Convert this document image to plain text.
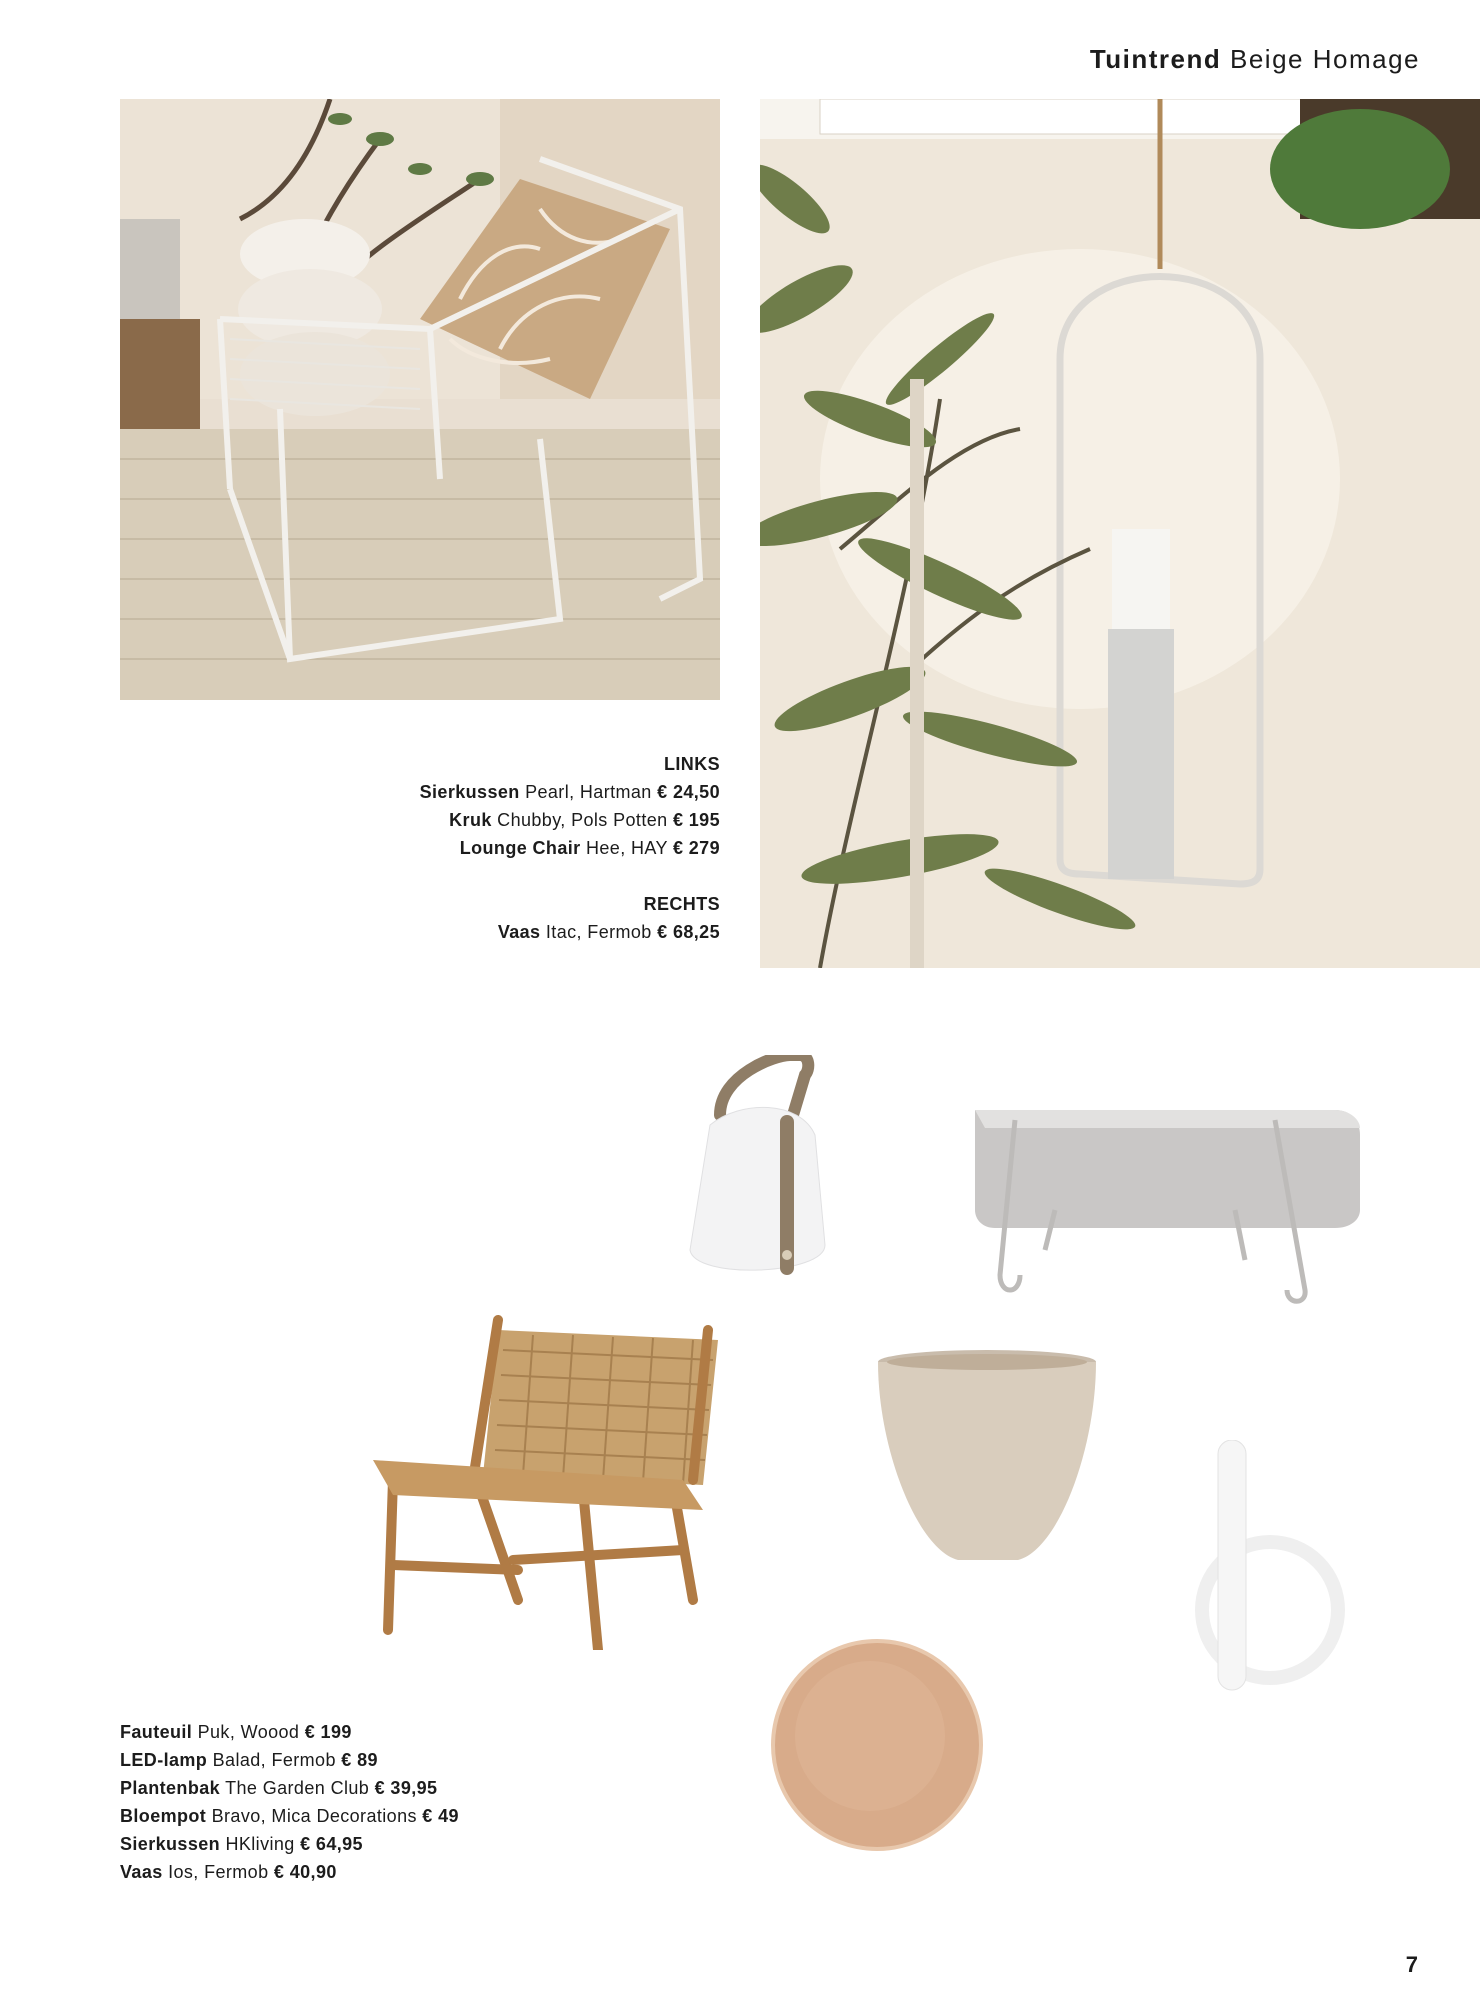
Tuintrend Beige Homage
LINKS
Sierkussen Pearl, Hartman € 24,50
Kruk Chubby, Pols Potten € 195
Lounge Chair Hee, HAY € 279
RECHTS
Vaas Itac, Fermob € 68,25
Fauteuil Puk, Woood € 199
LED-lamp Balad, Fermob € 89
Plantenbak The Garden Club € 39,95
Bloempot Bravo, Mica Decorations € 49
Sierkussen HKliving € 64,95
Vaas Ios, Fermob € 40,90
7
